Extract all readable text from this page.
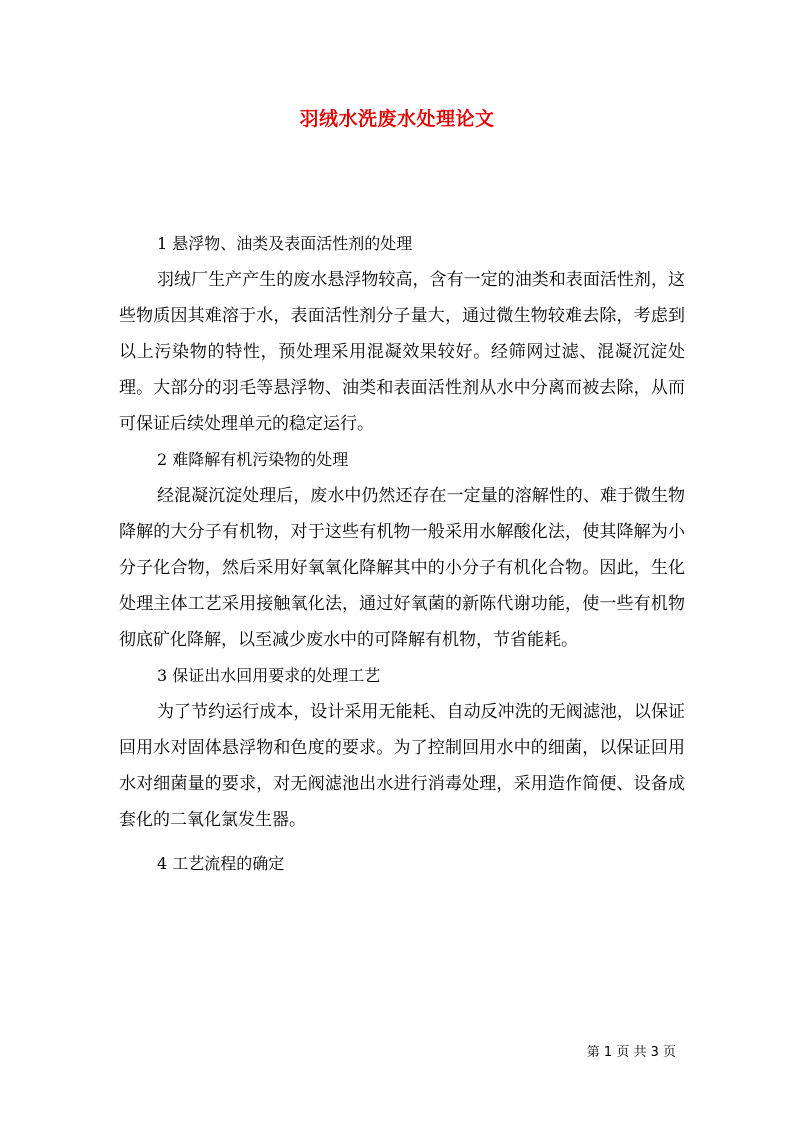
羽绒水洗废水处理论文

1 悬浮物、油类及表面活性剂的处理

羽绒厂生产产生的废水悬浮物较高，含有一定的油类和表面活性剂，这些物质因其难溶于水，表面活性剂分子量大，通过微生物较难去除，考虑到以上污染物的特性，预处理采用混凝效果较好。经筛网过滤、混凝沉淀处理。大部分的羽毛等悬浮物、油类和表面活性剂从水中分离而被去除，从而可保证后续处理单元的稳定运行。

2 难降解有机污染物的处理

经混凝沉淀处理后，废水中仍然还存在一定量的溶解性的、难于微生物降解的大分子有机物，对于这些有机物一般采用水解酸化法，使其降解为小分子化合物，然后采用好氧氧化降解其中的小分子有机化合物。因此，生化处理主体工艺采用接触氧化法，通过好氧菌的新陈代谢功能，使一些有机物彻底矿化降解，以至减少废水中的可降解有机物，节省能耗。

3 保证出水回用要求的处理工艺

为了节约运行成本，设计采用无能耗、自动反冲洗的无阀滤池，以保证回用水对固体悬浮物和色度的要求。为了控制回用水中的细菌，以保证回用水对细菌量的要求，对无阀滤池出水进行消毒处理，采用造作简便、设备成套化的二氧化氯发生器。

4 工艺流程的确定

第 1 页 共 3 页
